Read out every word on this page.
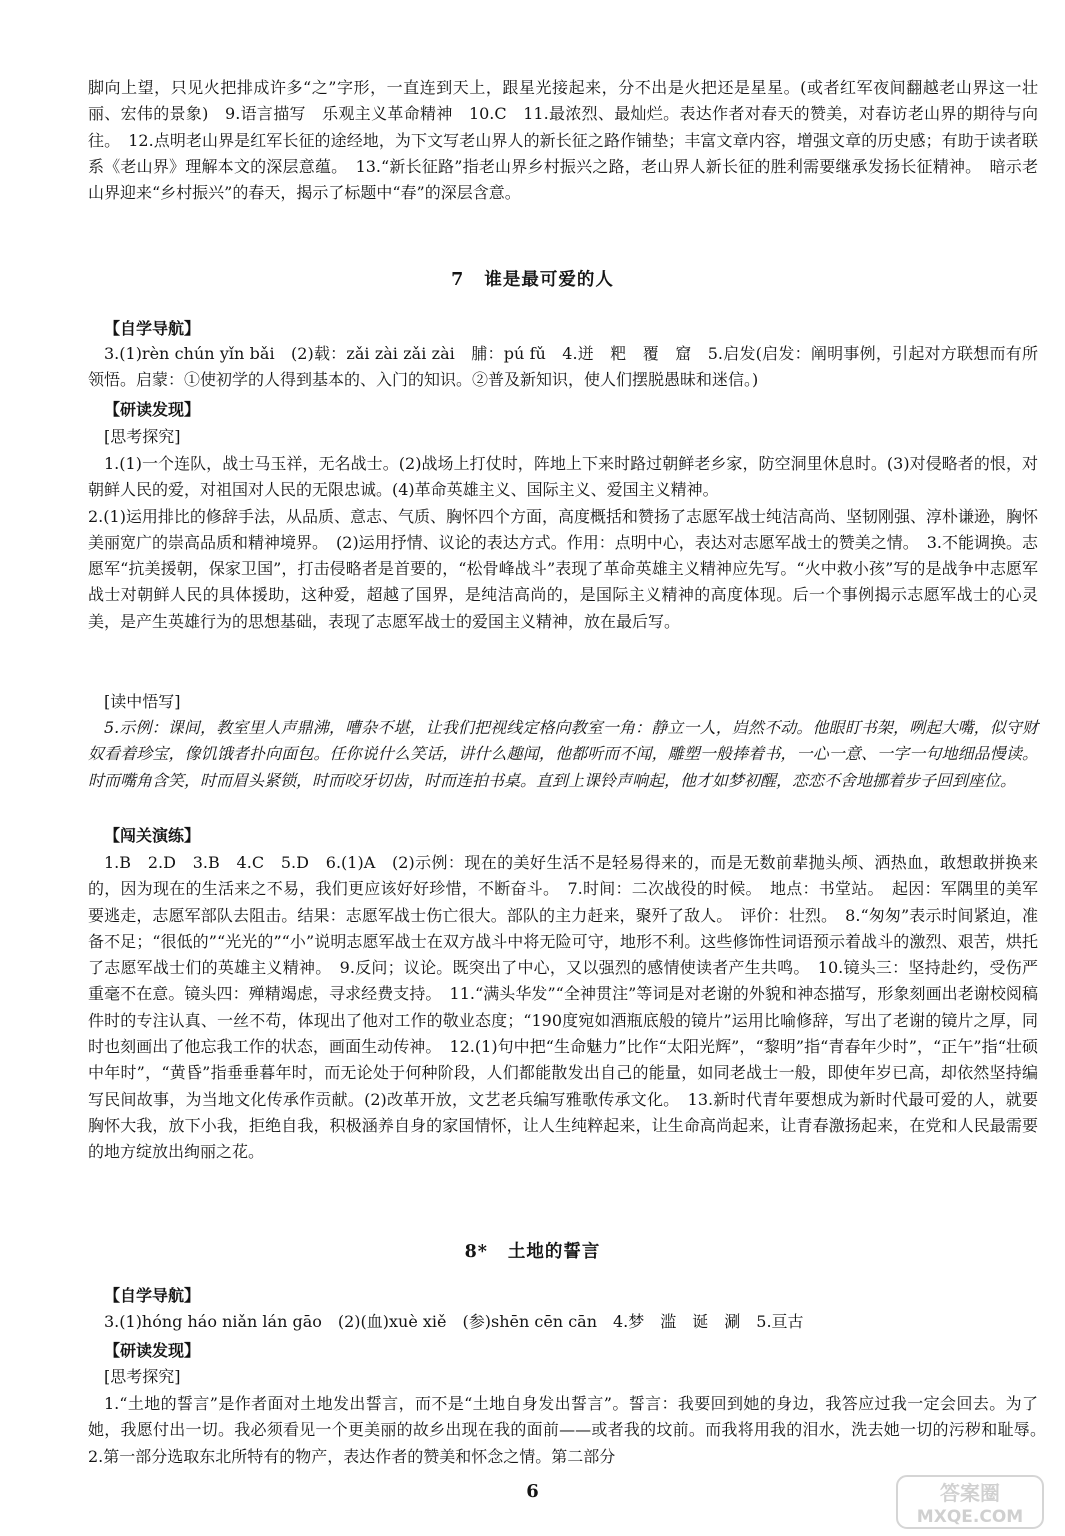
脚向上望，只见火把排成许多“之”字形，一直连到天上，跟星光接起来，分不出是火把还是星星。(或者红军夜间翻越老山界这一壮丽、宏伟的景象)　9.语言描写　乐观主义革命精神　10.C　11.最浓烈、最灿烂。表达作者对春天的赞美，对春访老山界的期待与向往。　12.点明老山界是红军长征的途经地，为下文写老山界人的新长征之路作铺垫；丰富文章内容，增强文章的历史感；有助于读者联系《老山界》理解本文的深层意蕴。　13.“新长征路”指老山界乡村振兴之路，老山界人新长征的胜利需要继承发扬长征精神。　暗示老山界迎来“乡村振兴”的春天，揭示了标题中“春”的深层含意。

7 谁是最可爱的人
【自学导航】

3.(1)rèn chún yǐn bǎi　(2)载：zǎi zài zǎi zài　脯：pú fǔ　4.迸　粑　覆　窟　5.启发(启发：阐明事例，引起对方联想而有所领悟。启蒙：①使初学的人得到基本的、入门的知识。②普及新知识，使人们摆脱愚昧和迷信。)

【研读发现】
[思考探究]

1.(1)一个连队，战士马玉祥，无名战士。(2)战场上打仗时，阵地上下来时路过朝鲜老乡家，防空洞里休息时。(3)对侵略者的恨，对朝鲜人民的爱，对祖国对人民的无限忠诚。(4)革命英雄主义、国际主义、爱国主义精神。

2.(1)运用排比的修辞手法，从品质、意志、气质、胸怀四个方面，高度概括和赞扬了志愿军战士纯洁高尚、坚韧刚强、淳朴谦逊，胸怀美丽宽广的崇高品质和精神境界。　(2)运用抒情、议论的表达方式。作用：点明中心，表达对志愿军战士的赞美之情。　3.不能调换。志愿军“抗美援朝，保家卫国”，打击侵略者是首要的，“松骨峰战斗”表现了革命英雄主义精神应先写。“火中救小孩”写的是战争中志愿军战士对朝鲜人民的具体援助，这种爱，超越了国界，是纯洁高尚的，是国际主义精神的高度体现。后一个事例揭示志愿军战士的心灵美，是产生英雄行为的思想基础，表现了志愿军战士的爱国主义精神，放在最后写。

[读中悟写]

5.示例：课间，教室里人声鼎沸，嘈杂不堪，让我们把视线定格向教室一角：静立一人，岿然不动。他眼盯书架，咧起大嘴，似守财奴看着珍宝，像饥饿者扑向面包。任你说什么笑话，讲什么趣闻，他都听而不闻，雕塑一般捧着书，一心一意、一字一句地细品慢读。时而嘴角含笑，时而眉头紧锁，时而咬牙切齿，时而连拍书桌。直到上课铃声响起，他才如梦初醒，恋恋不舍地挪着步子回到座位。

【闯关演练】

1.B　2.D　3.B　4.C　5.D　6.(1)A　(2)示例：现在的美好生活不是轻易得来的，而是无数前辈抛头颅、洒热血，敢想敢拼换来的，因为现在的生活来之不易，我们更应该好好珍惜，不断奋斗。　7.时间：二次战役的时候。　地点：书堂站。　起因：军隅里的美军要逃走，志愿军部队去阻击。结果：志愿军战士伤亡很大。部队的主力赶来，聚歼了敌人。　评价：壮烈。　8.“匆匆”表示时间紧迫，准备不足；“很低的”“光光的”“小”说明志愿军战士在双方战斗中将无险可守，地形不利。这些修饰性词语预示着战斗的激烈、艰苦，烘托了志愿军战士们的英雄主义精神。　9.反问；议论。既突出了中心，又以强烈的感情使读者产生共鸣。　10.镜头三：坚持赴约，受伤严重毫不在意。镜头四：殚精竭虑，寻求经费支持。　11.“满头华发”“全神贯注”等词是对老谢的外貌和神态描写，形象刻画出老谢校阅稿件时的专注认真、一丝不苟，体现出了他对工作的敬业态度；“190度宛如酒瓶底般的镜片”运用比喻修辞，写出了老谢的镜片之厚，同时也刻画出了他忘我工作的状态，画面生动传神。　12.(1)句中把“生命魅力”比作“太阳光辉”，“黎明”指“青春年少时”，“正午”指“壮硕中年时”，“黄昏”指垂垂暮年时，而无论处于何种阶段，人们都能散发出自己的能量，如同老战士一般，即使年岁已高，却依然坚持编写民间故事，为当地文化传承作贡献。(2)改革开放，文艺老兵编写雅歌传承文化。　13.新时代青年要想成为新时代最可爱的人，就要胸怀大我，放下小我，拒绝自我，积极涵养自身的家国情怀，让人生纯粹起来，让生命高尚起来，让青春激扬起来，在党和人民最需要的地方绽放出绚丽之花。

8* 土地的誓言
【自学导航】

3.(1)hóng háo niǎn lán gāo　(2)(血)xuè xiě　(参)shēn cēn cān　4.梦　滥　诞　涮　5.亘古

【研读发现】
[思考探究]

1.“土地的誓言”是作者面对土地发出誓言，而不是“土地自身发出誓言”。誓言：我要回到她的身边，我答应过我一定会回去。为了她，我愿付出一切。我必须看见一个更美丽的故乡出现在我的面前——或者我的坟前。而我将用我的泪水，洗去她一切的污秽和耻辱。　2.第一部分选取东北所特有的物产，表达作者的赞美和怀念之情。第二部分

6	答案圈
MXQE.COM
